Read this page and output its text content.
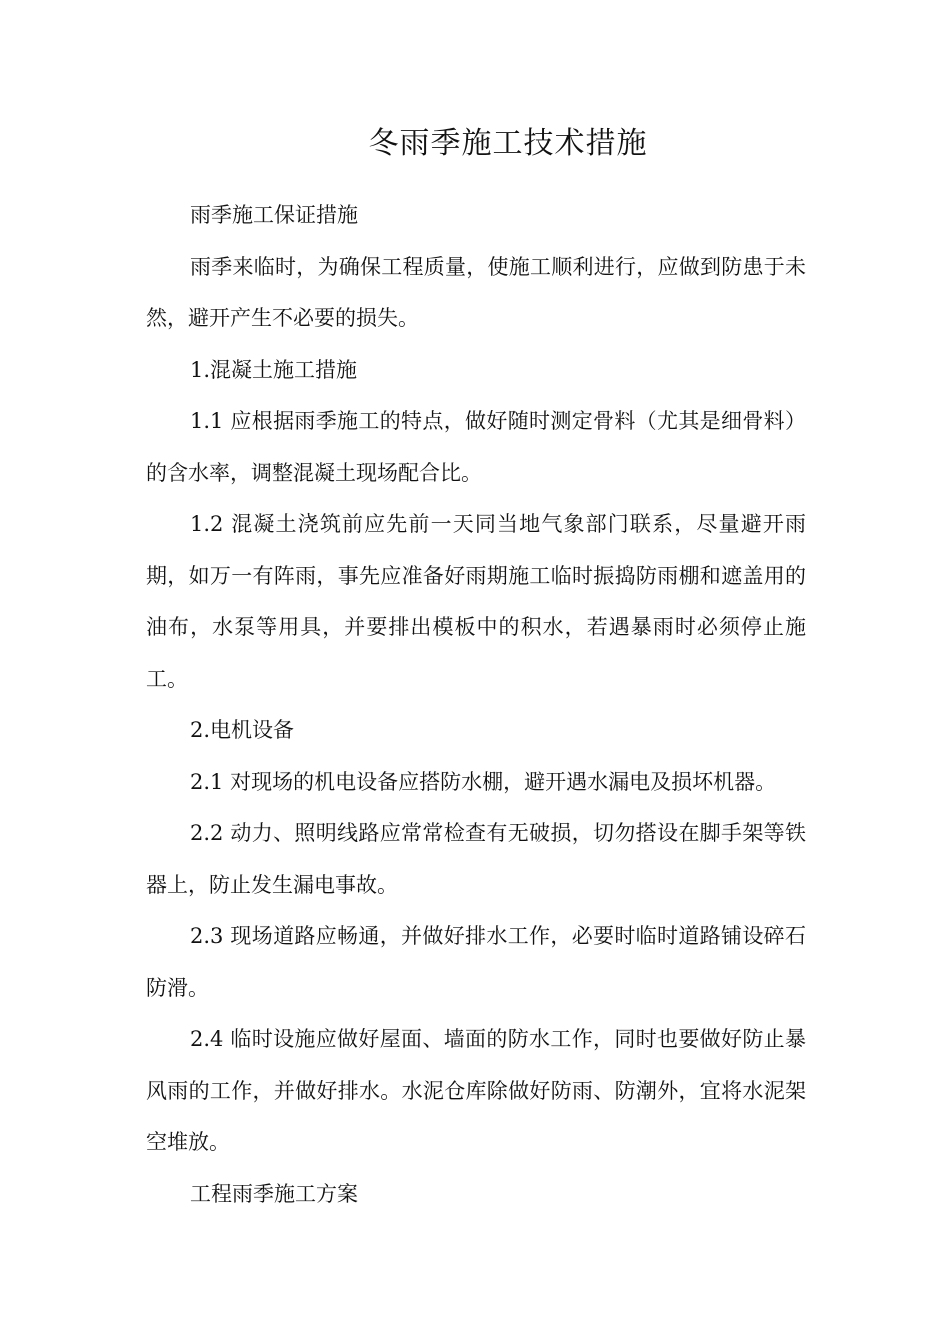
冬雨季施工技术措施

雨季施工保证措施

雨季来临时，为确保工程质量，使施工顺利进行，应做到防患于未然，避开产生不必要的损失。

1.混凝土施工措施

1.1 应根据雨季施工的特点，做好随时测定骨料（尤其是细骨料）的含水率，调整混凝土现场配合比。

1.2 混凝土浇筑前应先前一天同当地气象部门联系，尽量避开雨期，如万一有阵雨，事先应准备好雨期施工临时振捣防雨棚和遮盖用的油布，水泵等用具，并要排出模板中的积水，若遇暴雨时必须停止施工。

2.电机设备

2.1 对现场的机电设备应搭防水棚，避开遇水漏电及损坏机器。

2.2 动力、照明线路应常常检查有无破损，切勿搭设在脚手架等铁器上，防止发生漏电事故。

2.3 现场道路应畅通，并做好排水工作，必要时临时道路铺设碎石防滑。

2.4 临时设施应做好屋面、墙面的防水工作，同时也要做好防止暴风雨的工作，并做好排水。水泥仓库除做好防雨、防潮外，宜将水泥架空堆放。

工程雨季施工方案
